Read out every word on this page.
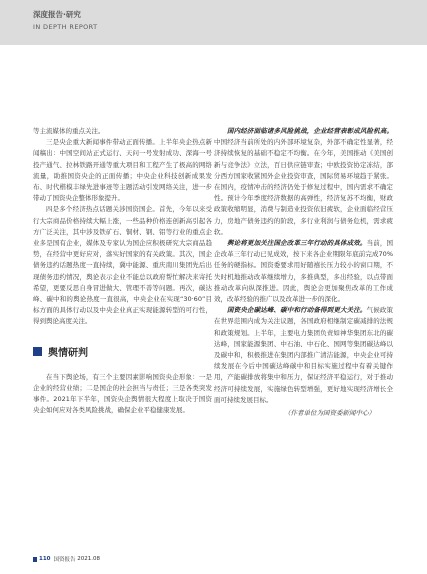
深度报告·研究
IN DEPTH REPORT

等主流媒体的重点关注。

三是央企重大新闻事件带动正面传播。上半年央企热点新闻稿出：中国空间站正式运行、天问一号发射成功、深海一号投产通气、拉林铁路开通等重大项目和工程产生了极高的网络流量，助推国资央企的正面传播；中央企业科技创新成果发布、时代楷模丰绿先进事迹等主题活动引发网络关注，进一步带动了国资央企整体形象提升。

四是多个经济热点话题关涉国资国企。首先，今年以来受行大宗商品价格持续大幅上涨，一些品种价格连创新高引起各方广泛关注，其中涉及铁矿石、铜材、钢、铝等行业的重点企业多是国有企业，媒体及专家认为国企应积极研究大宗商品趋势，在经营中更好应对，落实好国家的有关政策。其次，国企债务违约话题热度一直持续，冀中能源、重庆南川集团先后出现债务违约情况，舆论表示企业不能总以政府帮忙解决来寄托希望，更要反思自身冒进做大、管理不善等问题。再次，碳达峰、碳中和的舆论热度一直很高，中央企业在实现“30·60”目标方面的具体行动以及中央企业真正实现能源转型的可行性，得到舆论高度关注。

舆情研判

在当下舆论场，有三个主要因素影响国资央企形象：一是企业的经营业绩；二是国企的社会担当与责任；三是各类突发事件。2021年下半年，国资央企舆情很大程度上取决于国资央企如何应对各类风险挑战，确保企业平稳健康发展。

国内经济面临诸多风险挑战，企业经营表彰成风险机高。中国经济当前所处的内外部环境复杂，外部不确定性显著，经济持续恢复的基础不稳定不均衡。在今年，美国推动《美国创新与竞争法》立法，百日供应链审查；中欧投资协定冻结，部分西方国家收紧国外企业投资审查，国际贸易环境趋于紧张。在国内，疫情冲击的经济仍处于修复过程中，国内需求不确定性。预计今年季度经济数据的高弹性，经济复苏不均衡，财政政策收缩明显，消费与制造业投资依旧疲软，企业面临经营压力，房地产债务违约的阶段，多行业利润与债务危机，需求疲软。

舆论将更加关注国企改革三年行动的具体成效。当前，国企改革三年行动已见成效，按下来各企业期限年底前完成70%任务的硬指标。国资委要求用好随禧长压力较小的窗口期，不失时机地推动改革继续增力，多推典型，多出经验，以点带面推动改革向纵深推进。因此，舆论会更加聚焦改革的工作成效，改革经验的推广以及改革进一步的深化。

国资央企碳达峰、碳中和行动备得到更大关注。气候政策在世界范围内成为关注议题，各国政府相继制定碳减排的法规和政策规划。上半年，主要电力集团负责如神华集团东北的碳达峰，国家能源集团、中石油、中石化、国网等集团碳达峰以及碳中和，积极推进在集团内部推广清洁能源，中央企业可持续发展在今后中国碳达峰碳中和目标实施过程中有着关键作用，产能碳排放将集中和压力，保证经济平稳运行，对于推动经济可持续发展，实施绿色转型增强，更好地实现经济增长全面可持续发展目标。

（作者单位为国资委新闻中心）
110 国资报告
2021.08
